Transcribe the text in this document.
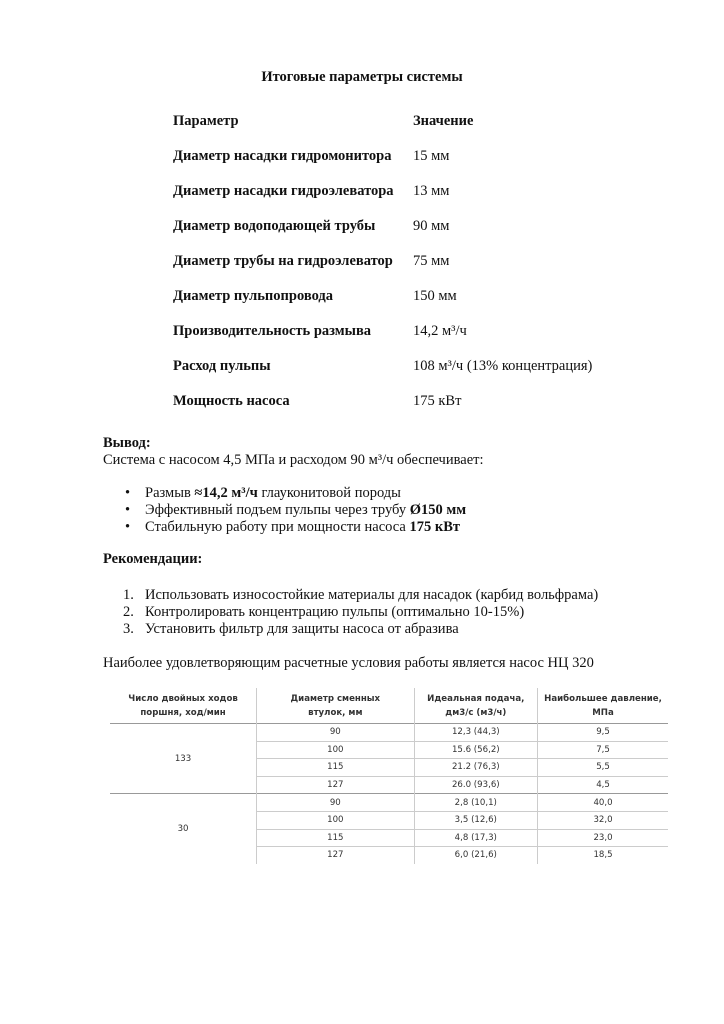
Итоговые параметры системы
Параметр	Значение
Диаметр насадки гидромонитора 15 мм
Диаметр насадки гидроэлеватора 13 мм
Диаметр водоподающей трубы	90 мм
Диаметр трубы на гидроэлеватор 75 мм
Диаметр пульпопровода	150 мм
Производительность размыва	14,2 м³/ч
Расход пульпы	108 м³/ч (13% концентрация)
Мощность насоса	175 кВт
Вывод:
Система с насосом 4,5 МПа и расходом 90 м³/ч обеспечивает:
• Размыв ≈14,2 м³/ч глауконитовой породы
• Эффективный подъем пульпы через трубу Ø150 мм
• Стабильную работу при мощности насоса 175 кВт
Рекомендации:
1. Использовать износостойкие материалы для насадок (карбид вольфрама)
2. Контролировать концентрацию пульпы (оптимально 10-15%)
3. Установить фильтр для защиты насоса от абразива
Наиболее удовлетворяющим расчетные условия работы является насос НЦ 320
Число двойных ходов поршня, ход/мин	Диаметр сменных втулок, мм	Идеальная подача, дм3/с (м3/ч)	Наибольшее давление, МПа
133	90	12,3 (44,3)	9,5
	100	15.6 (56,2)	7,5
	115	21.2 (76,3)	5,5
	127	26.0 (93,6)	4,5
30	90	2,8 (10,1)	40,0
	100	3,5 (12,6)	32,0
	115	4,8 (17,3)	23,0
	127	6,0 (21,6)	18,5
